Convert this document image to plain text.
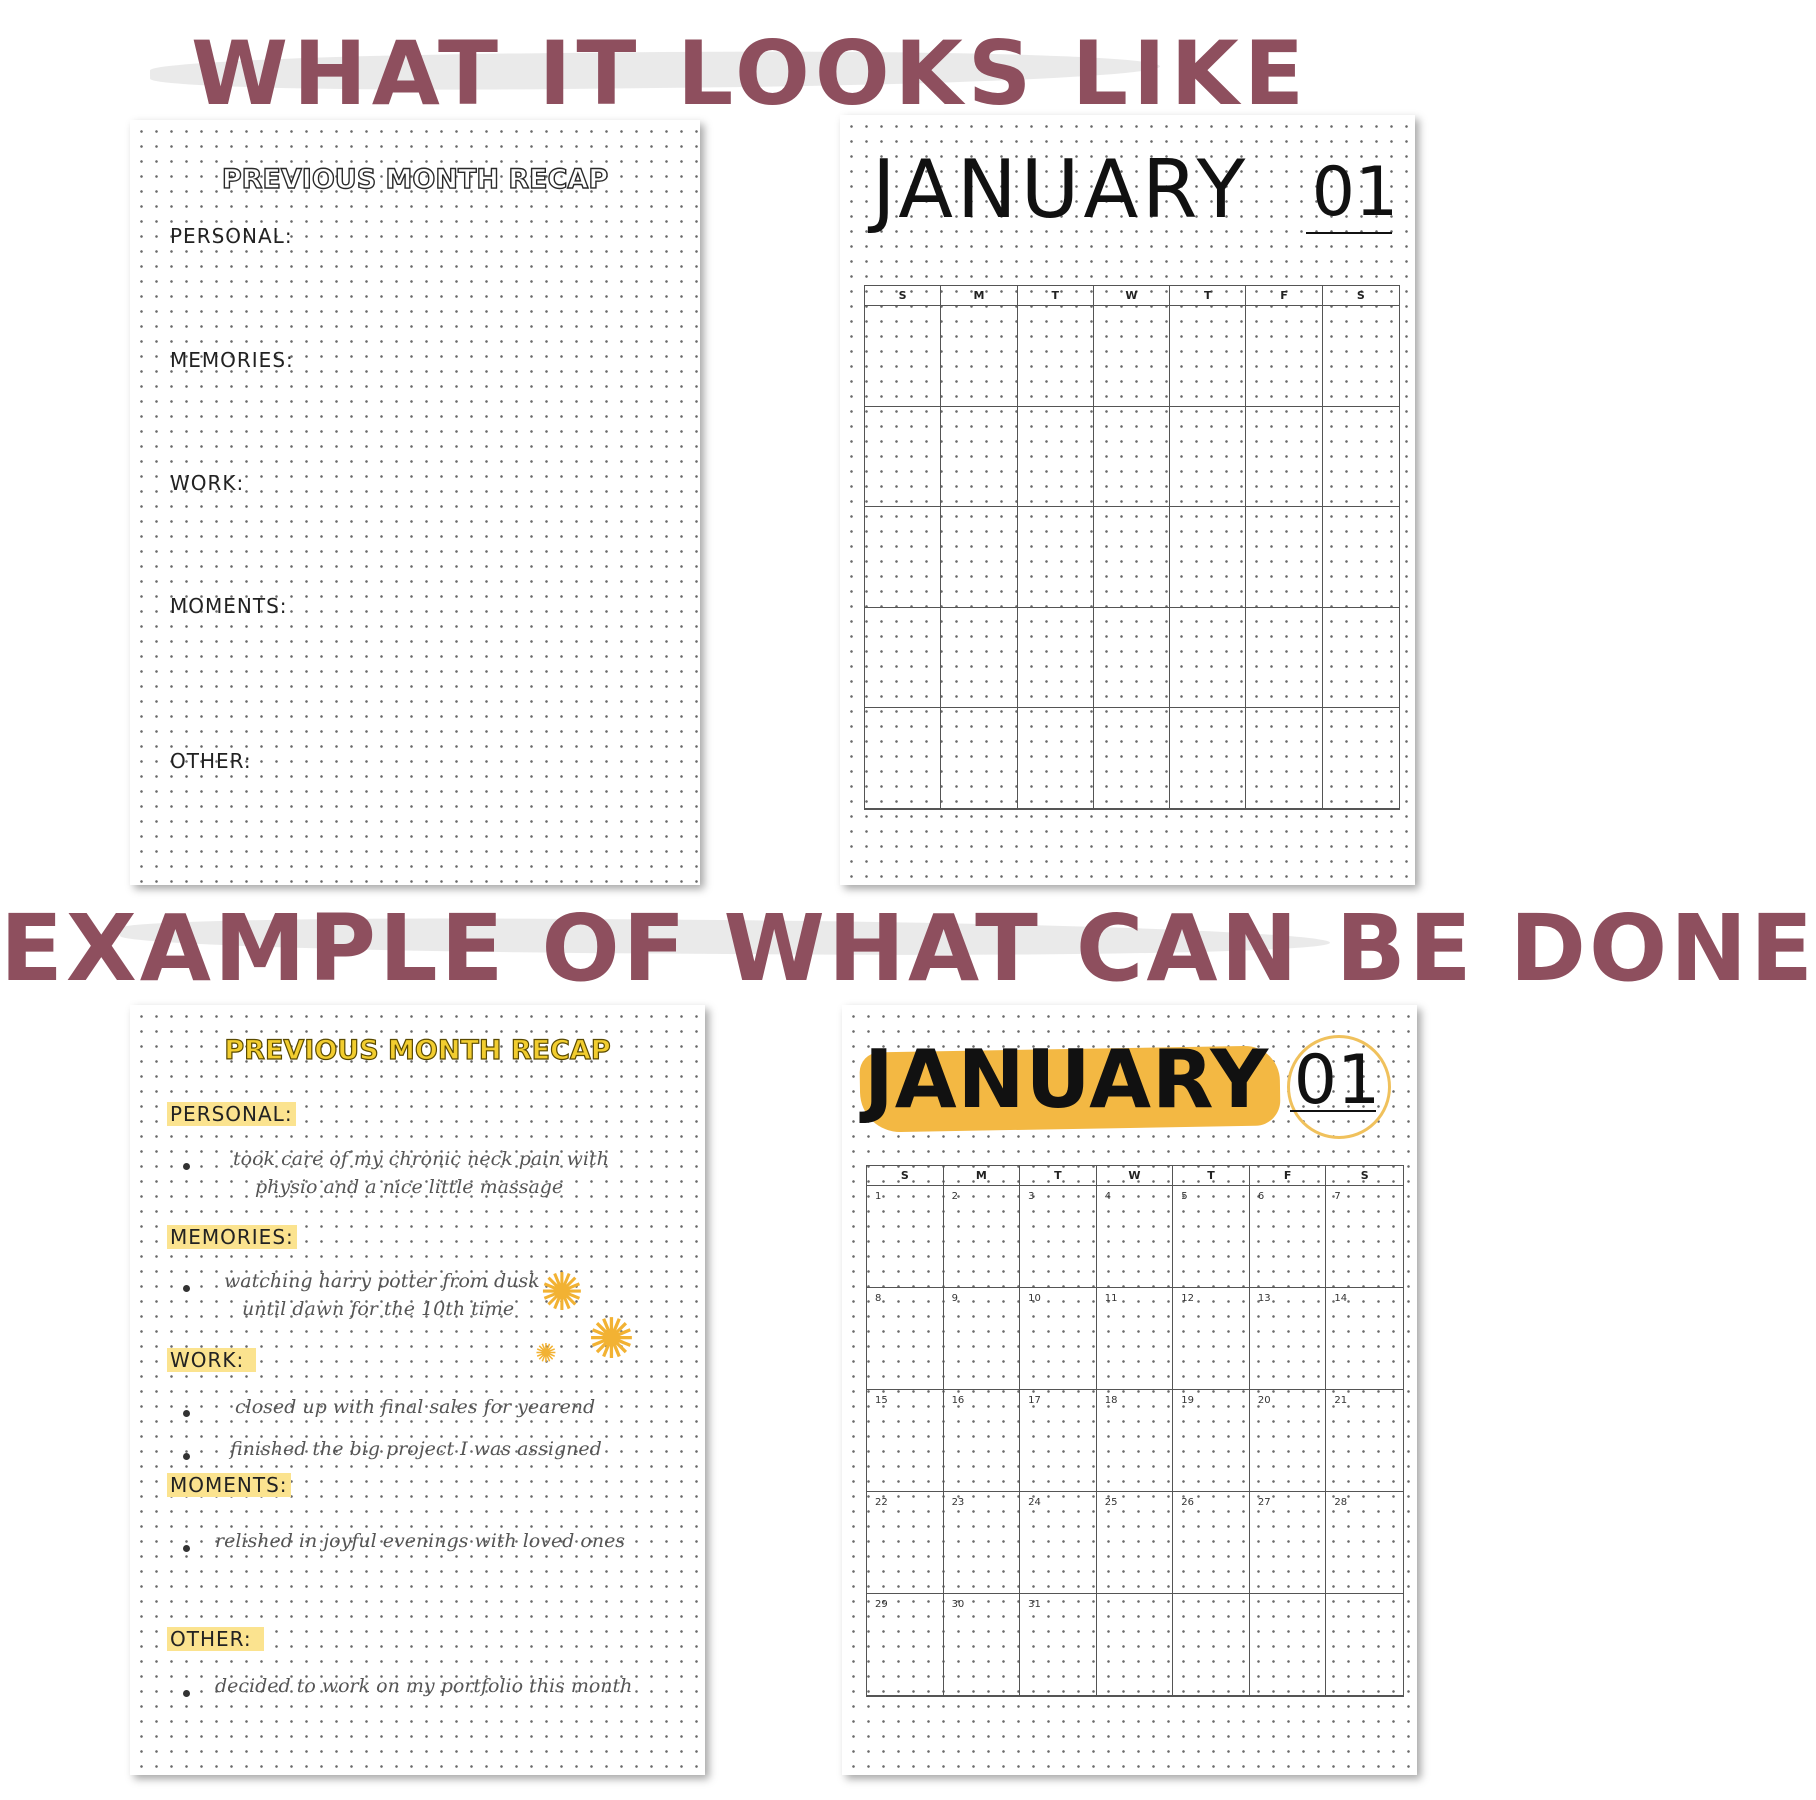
WHAT IT LOOKS LIKE
EXAMPLE OF WHAT CAN BE DONE
PREVIOUS MONTH RECAP
PERSONAL:
MEMORIES:
WORK:
MOMENTS:
OTHER:
JANUARY 01
S	M	T	W	T	F	S
PREVIOUS MONTH RECAP
PERSONAL:
took care of my chronic neck pain with
physio and a nice little massage
MEMORIES:
watching harry potter from dusk
until dawn for the 10th time
WORK:
closed up with final sales for yearend
finished the big project I was assigned
MOMENTS:
relished in joyful evenings with loved ones
OTHER:
decided to work on my portfolio this month
✺
✺
✺
JANUARY 01
S	M	T	W	T	F	S
1	2	3	4	5	6	7
8	9	10	11	12	13	14
15	16	17	18	19	20	21
22	23	24	25	26	27	28
29	30	31
